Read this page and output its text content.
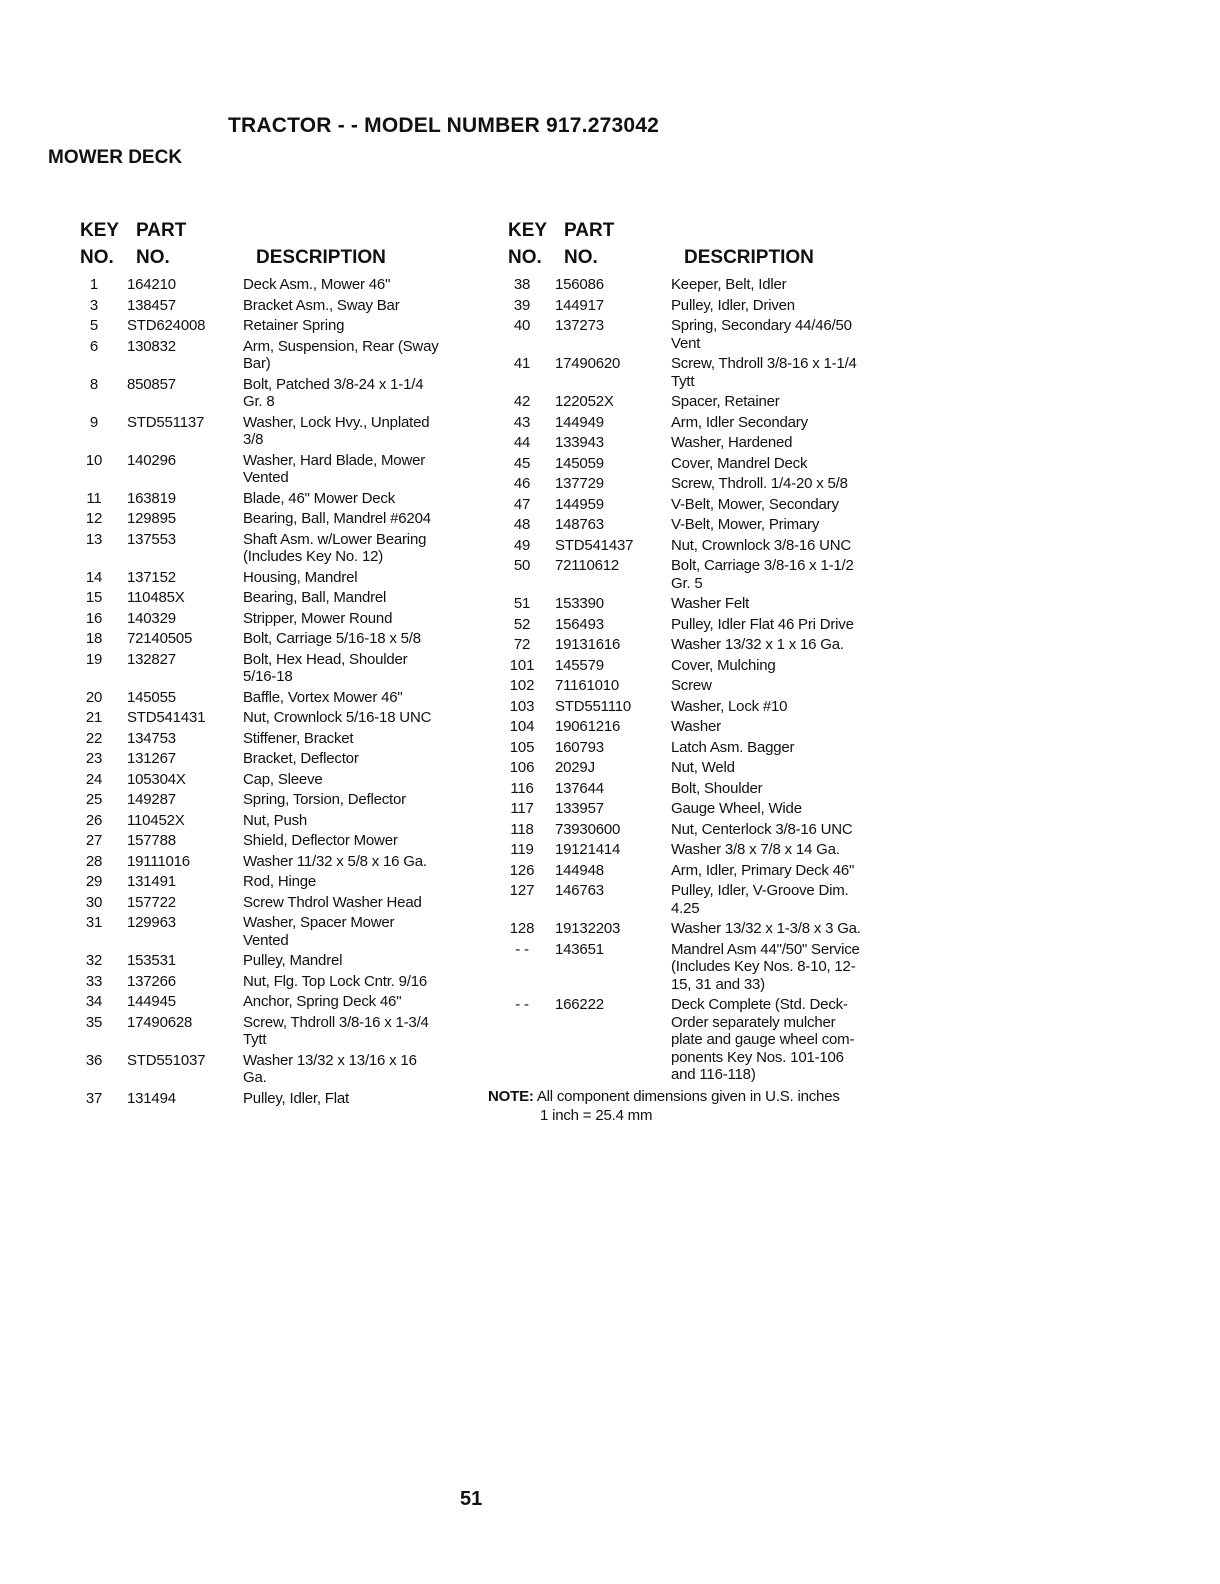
TRACTOR - - MODEL NUMBER 917.273042
MOWER DECK
KEY PART
NO. NO.	DESCRIPTION
1	164210	Deck Asm., Mower 46"
3	138457	Bracket Asm., Sway Bar
5	STD624008	Retainer Spring
6	130832	Arm, Suspension, Rear (Sway
Bar)
8	850857	Bolt, Patched 3/8-24 x 1-1/4
Gr. 8
9	STD551137	Washer, Lock Hvy., Unplated
3/8
10	140296	Washer, Hard Blade, Mower
Vented
11	163819	Blade, 46" Mower Deck
12	129895	Bearing, Ball, Mandrel #6204
13	137553	Shaft Asm. w/Lower Bearing
(Includes Key No. 12)
14	137152	Housing, Mandrel
15	110485X	Bearing, Ball, Mandrel
16	140329	Stripper, Mower Round
18	72140505	Bolt, Carriage 5/16-18 x 5/8
19	132827	Bolt, Hex Head, Shoulder
5/16-18
20	145055	Baffle, Vortex Mower 46"
21	STD541431	Nut, Crownlock 5/16-18 UNC
22	134753	Stiffener, Bracket
23	131267	Bracket, Deflector
24	105304X	Cap, Sleeve
25	149287	Spring, Torsion, Deflector
26	110452X	Nut, Push
27	157788	Shield, Deflector Mower
28	19111016	Washer 11/32 x 5/8 x 16 Ga.
29	131491	Rod, Hinge
30	157722	Screw Thdrol Washer Head
31	129963	Washer, Spacer Mower
Vented
32	153531	Pulley, Mandrel
33	137266	Nut, Flg. Top Lock Cntr. 9/16
34	144945	Anchor, Spring Deck 46"
35	17490628	Screw, Thdroll 3/8-16 x 1-3/4
Tytt
36	STD551037	Washer 13/32 x 13/16 x 16
Ga.
37	131494	Pulley, Idler, Flat
KEY PART
NO. NO.	DESCRIPTION
38	156086	Keeper, Belt, Idler
39	144917	Pulley, Idler, Driven
40	137273	Spring, Secondary 44/46/50
Vent
41	17490620	Screw, Thdroll 3/8-16 x 1-1/4
Tytt
42	122052X	Spacer, Retainer
43	144949	Arm, Idler Secondary
44	133943	Washer, Hardened
45	145059	Cover, Mandrel Deck
46	137729	Screw, Thdroll. 1/4-20 x 5/8
47	144959	V-Belt, Mower, Secondary
48	148763	V-Belt, Mower, Primary
49	STD541437	Nut, Crownlock 3/8-16 UNC
50	72110612	Bolt, Carriage 3/8-16 x 1-1/2
Gr. 5
51	153390	Washer Felt
52	156493	Pulley, Idler Flat 46 Pri Drive
72	19131616	Washer 13/32 x 1 x 16 Ga.
101	145579	Cover, Mulching
102	71161010	Screw
103	STD551110	Washer, Lock #10
104	19061216	Washer
105	160793	Latch Asm. Bagger
106	2029J	Nut, Weld
116	137644	Bolt, Shoulder
117	133957	Gauge Wheel, Wide
118	73930600	Nut, Centerlock 3/8-16 UNC
119	19121414	Washer 3/8 x 7/8 x 14 Ga.
126	144948	Arm, Idler, Primary Deck 46"
127	146763	Pulley, Idler, V-Groove Dim.
4.25
128	19132203	Washer 13/32 x 1-3/8 x 3 Ga.
- -	143651	Mandrel Asm 44"/50" Service
(Includes Key Nos. 8-10, 12-
15, 31 and 33)
- -	166222	Deck Complete (Std. Deck-
Order separately mulcher
plate and gauge wheel com-
ponents Key Nos. 101-106
and 116-118)
NOTE: All component dimensions given in U.S. inches
1 inch = 25.4 mm
51
